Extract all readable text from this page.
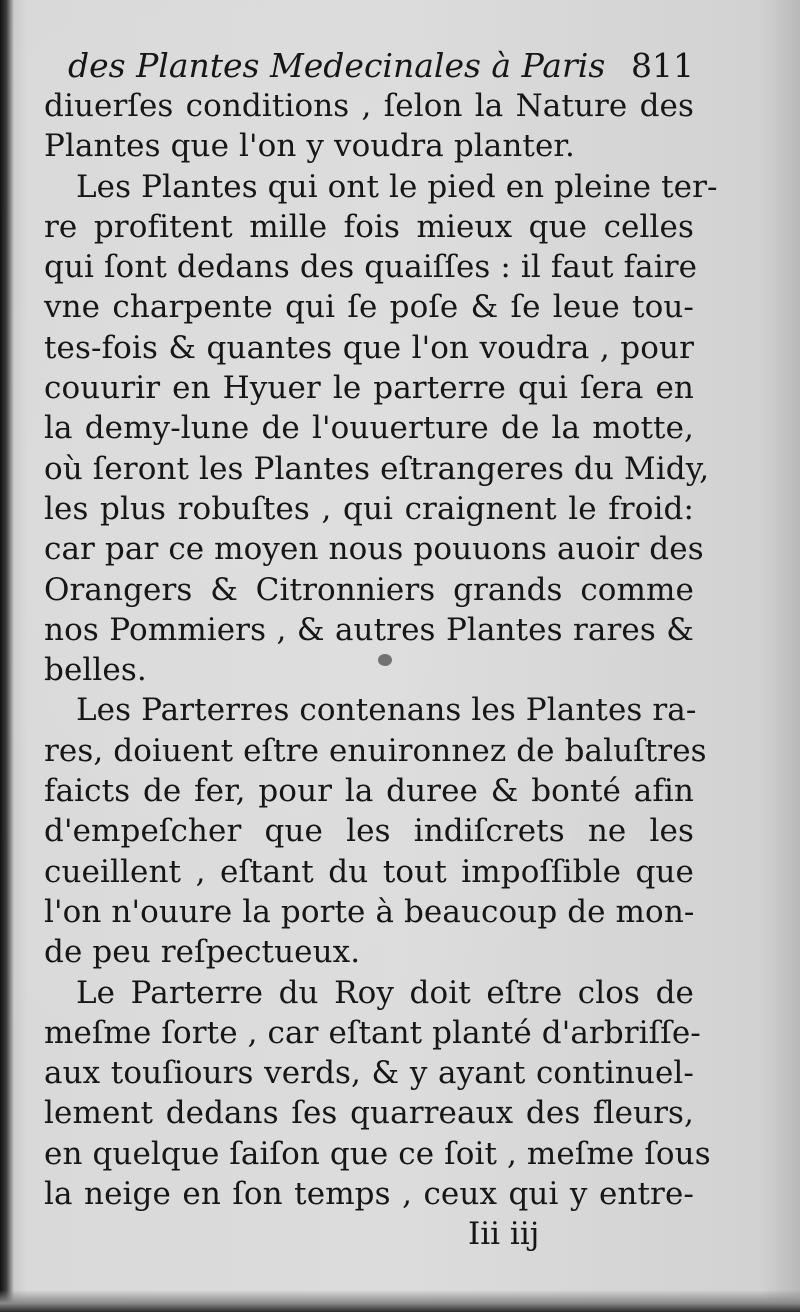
des Plantes Medecinales à Paris 811
diuerſes conditions , ſelon la Nature des
Plantes que l'on y voudra planter.
Les Plantes qui ont le pied en pleine ter-
re profitent mille fois mieux que celles
qui ſont dedans des quaiſſes : il faut faire
vne charpente qui ſe poſe & ſe leue tou-
tes-fois & quantes que l'on voudra , pour
couurir en Hyuer le parterre qui ſera en
la demy-lune de l'ouuerture de la motte,
où ſeront les Plantes eſtrangeres du Midy,
les plus robuſtes , qui craignent le froid:
car par ce moyen nous pouuons auoir des
Orangers & Citronniers grands comme
nos Pommiers , & autres Plantes rares &
belles.
Les Parterres contenans les Plantes ra-
res, doiuent eſtre enuironnez de baluſtres
faicts de fer, pour la duree & bonté afin
d'empeſcher que les indiſcrets ne les
cueillent , eſtant du tout impoſſible que
l'on n'ouure la porte à beaucoup de mon-
de peu reſpectueux.
Le Parterre du Roy doit eſtre clos de
meſme ſorte , car eſtant planté d'arbriſſe-
aux touſiours verds, & y ayant continuel-
lement dedans ſes quarreaux des fleurs,
en quelque ſaiſon que ce ſoit , meſme ſous
la neige en ſon temps , ceux qui y entre-
Iii iij
